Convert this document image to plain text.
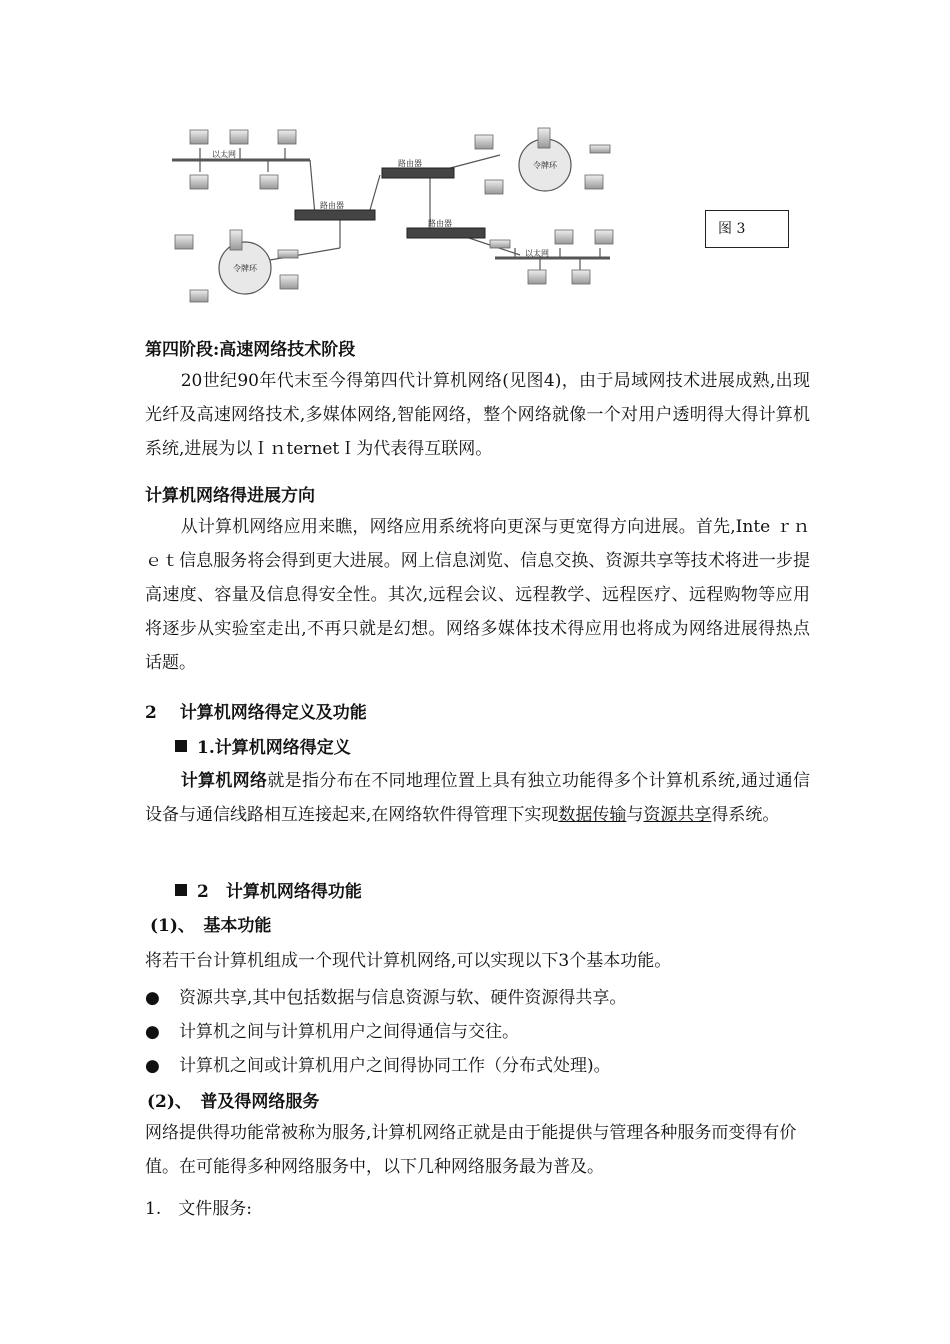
以太网
路由器
路由器
路由器
令牌环
令牌环
以太网
图 3
第四阶段:高速网络技术阶段
20世纪90年代末至今得第四代计算机网络(见图4)，由于局域网技术进展成熟,出现光纤及高速网络技术,多媒体网络,智能网络，整个网络就像一个对用户透明得大得计算机系统,进展为以ＩｎternetＩ为代表得互联网。
计算机网络得进展方向
从计算机网络应用来瞧，网络应用系统将向更深与更宽得方向进展。首先,Inte ｒｎｅｔ信息服务将会得到更大进展。网上信息浏览、信息交换、资源共享等技术将进一步提高速度、容量及信息得安全性。其次,远程会议、远程教学、远程医疗、远程购物等应用将逐步从实验室走出,不再只就是幻想。网络多媒体技术得应用也将成为网络进展得热点话题。
2　 计算机网络得定义及功能
1.计算机网络得定义
计算机网络就是指分布在不同地理位置上具有独立功能得多个计算机系统,通过通信设备与通信线路相互连接起来,在网络软件得管理下实现数据传输与资源共享得系统。
2　计算机网络得功能
(1)、　基本功能
将若干台计算机组成一个现代计算机网络,可以实现以下3个基本功能。
● 资源共享,其中包括数据与信息资源与软、硬件资源得共享。
● 计算机之间与计算机用户之间得通信与交往。
● 计算机之间或计算机用户之间得协同工作（分布式处理)。
(2)、　普及得网络服务
网络提供得功能常被称为服务,计算机网络正就是由于能提供与管理各种服务而变得有价值。在可能得多种网络服务中，以下几种网络服务最为普及。
1.　文件服务:
